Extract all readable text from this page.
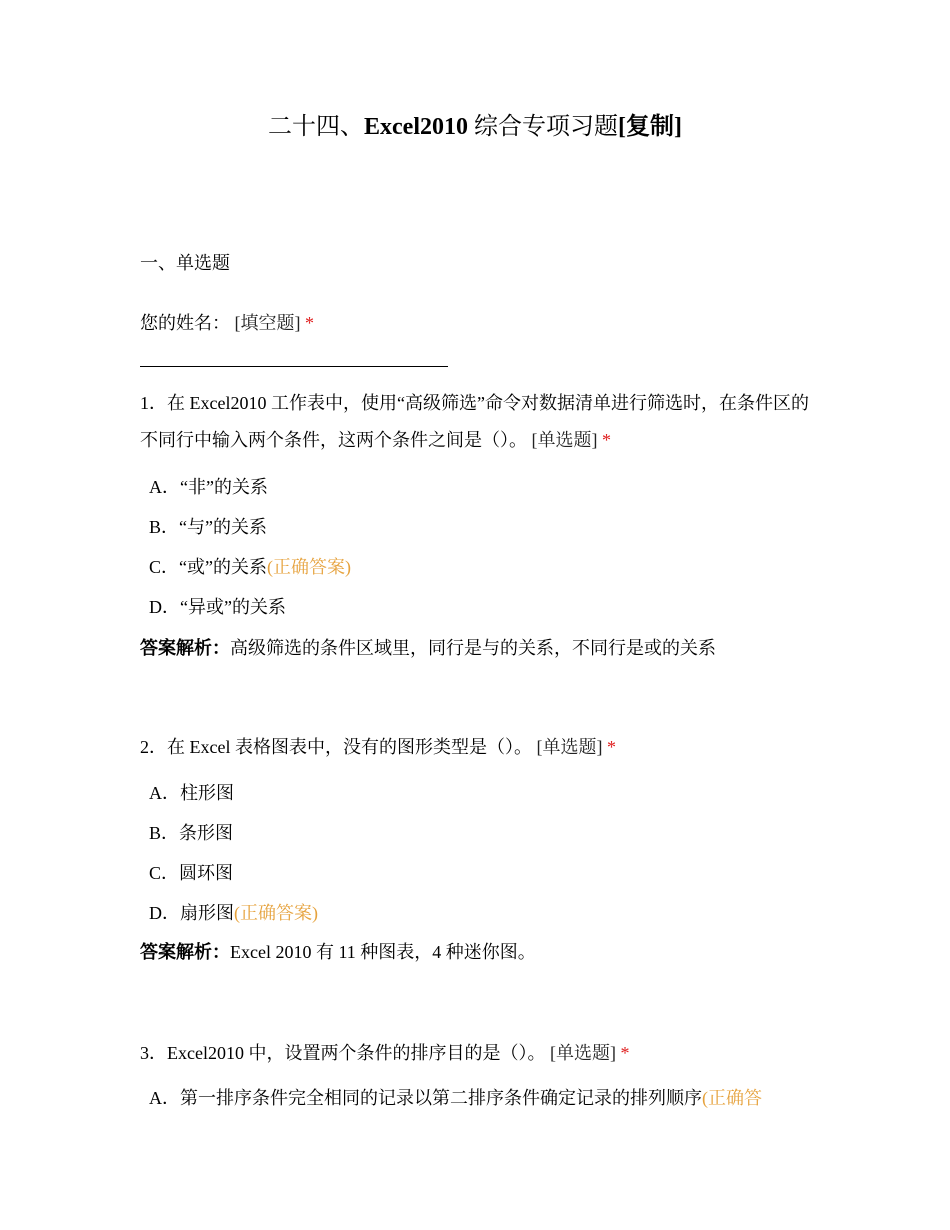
二十四、Excel2010 综合专项习题[复制]
一、单选题
您的姓名： [填空题] *
1．在 Excel2010 工作表中，使用“高级筛选”命令对数据清单进行筛选时，在条件区的不同行中输入两个条件，这两个条件之间是（）。 [单选题] *
A．“非”的关系
B．“与”的关系
C．“或”的关系(正确答案)
D．“异或”的关系
答案解析：高级筛选的条件区域里，同行是与的关系，不同行是或的关系
2．在 Excel 表格图表中，没有的图形类型是（）。 [单选题] *
A．柱形图
B．条形图
C．圆环图
D．扇形图(正确答案)
答案解析：Excel 2010 有 11 种图表，4 种迷你图。
3．Excel2010 中，设置两个条件的排序目的是（）。 [单选题] *
A．第一排序条件完全相同的记录以第二排序条件确定记录的排列顺序(正确答
